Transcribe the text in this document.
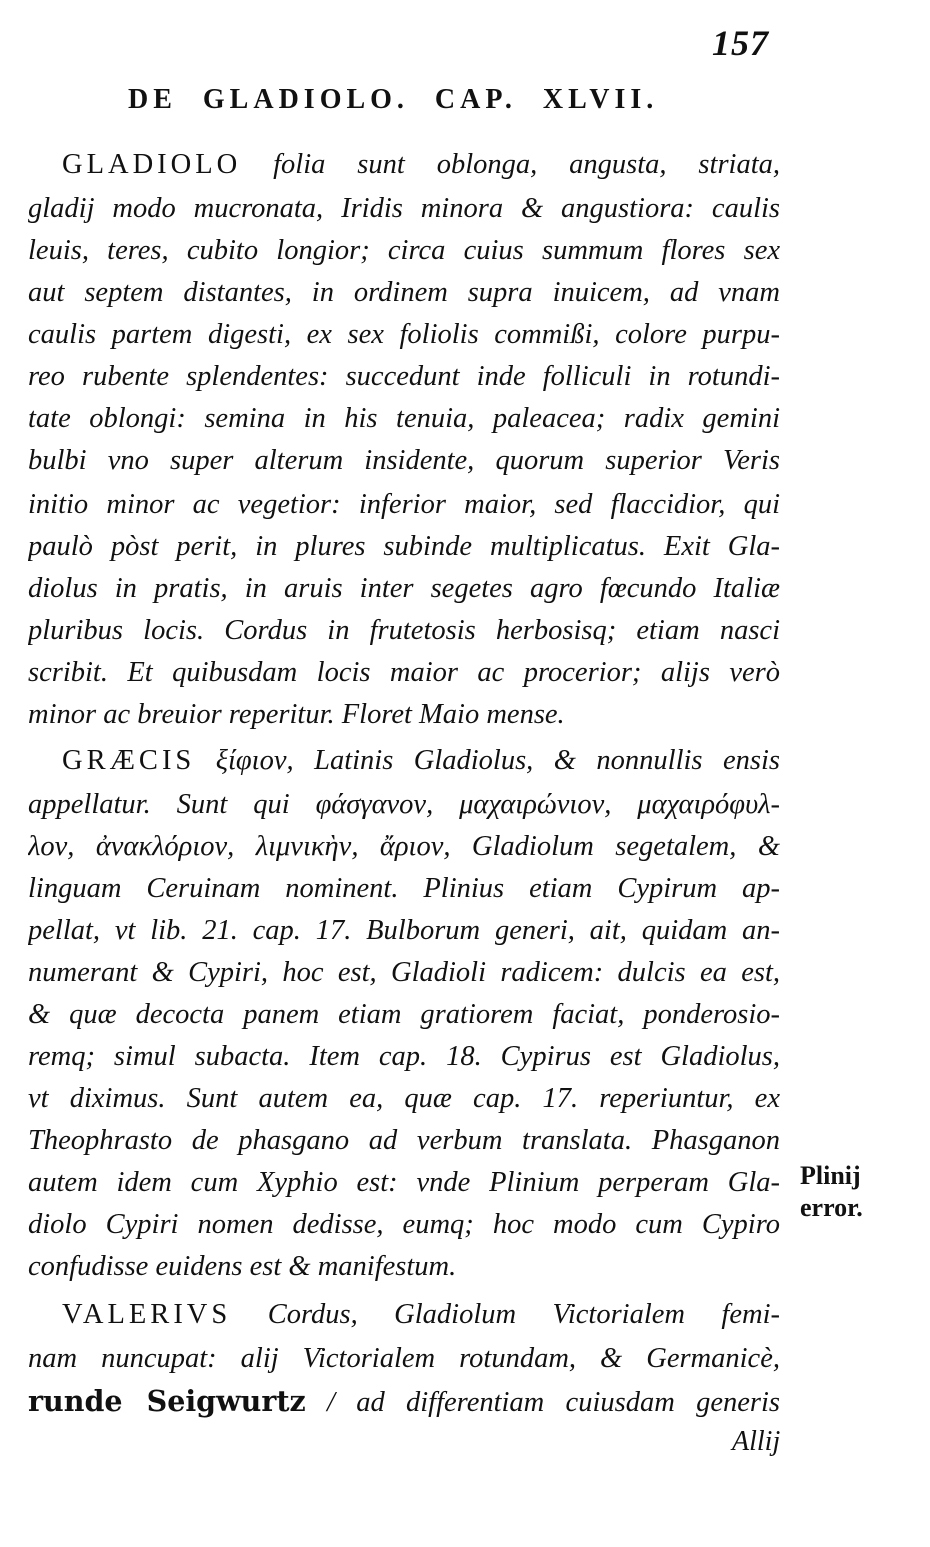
157
DE GLADIOLO. CAP. XLVII.
GLADIOLO folia sunt oblonga, angusta, striata,
gladij modo mucronata, Iridis minora & angustiora: caulis
leuis, teres, cubito longior; circa cuius summum flores sex
aut septem distantes, in ordinem supra inuicem, ad vnam
caulis partem digesti, ex sex foliolis commißi, colore purpu-
reo rubente splendentes: succedunt inde folliculi in rotundi-
tate oblongi: semina in his tenuia, paleacea; radix gemini
bulbi vno super alterum insidente, quorum superior Veris
initio minor ac vegetior: inferior maior, sed flaccidior, qui
paulò pòst perit, in plures subinde multiplicatus. Exit Gla-
diolus in pratis, in aruis inter segetes agro fœcundo Italiæ
pluribus locis. Cordus in frutetosis herbosisq; etiam nasci
scribit. Et quibusdam locis maior ac procerior; alijs verò
minor ac breuior reperitur. Floret Maio mense.
GRÆCIS ξίφιον, Latinis Gladiolus, & nonnullis ensis
appellatur. Sunt qui φάσγανον, μαχαιρώνιον, μαχαιρόφυλ-
λον, ἀνακλόριον, λιμνικὴν, ἄριον, Gladiolum segetalem, &
linguam Ceruinam nominent. Plinius etiam Cypirum ap-
pellat, vt lib. 21. cap. 17. Bulborum generi, ait, quidam an-
numerant & Cypiri, hoc est, Gladioli radicem: dulcis ea est,
& quæ decocta panem etiam gratiorem faciat, ponderosio-
remq; simul subacta. Item cap. 18. Cypirus est Gladiolus,
vt diximus. Sunt autem ea, quæ cap. 17. reperiuntur, ex
Theophrasto de phasgano ad verbum translata. Phasganon
autem idem cum Xyphio est: vnde Plinium perperam Gla-
diolo Cypiri nomen dedisse, eumq; hoc modo cum Cypiro
confudisse euidens est & manifestum.
VALERIVS Cordus, Gladiolum Victorialem femi-
nam nuncupat: alij Victorialem rotundam, & Germanicè,
runde Seigwurtz / ad differentiam cuiusdam generis
Allij
Plinij error.
